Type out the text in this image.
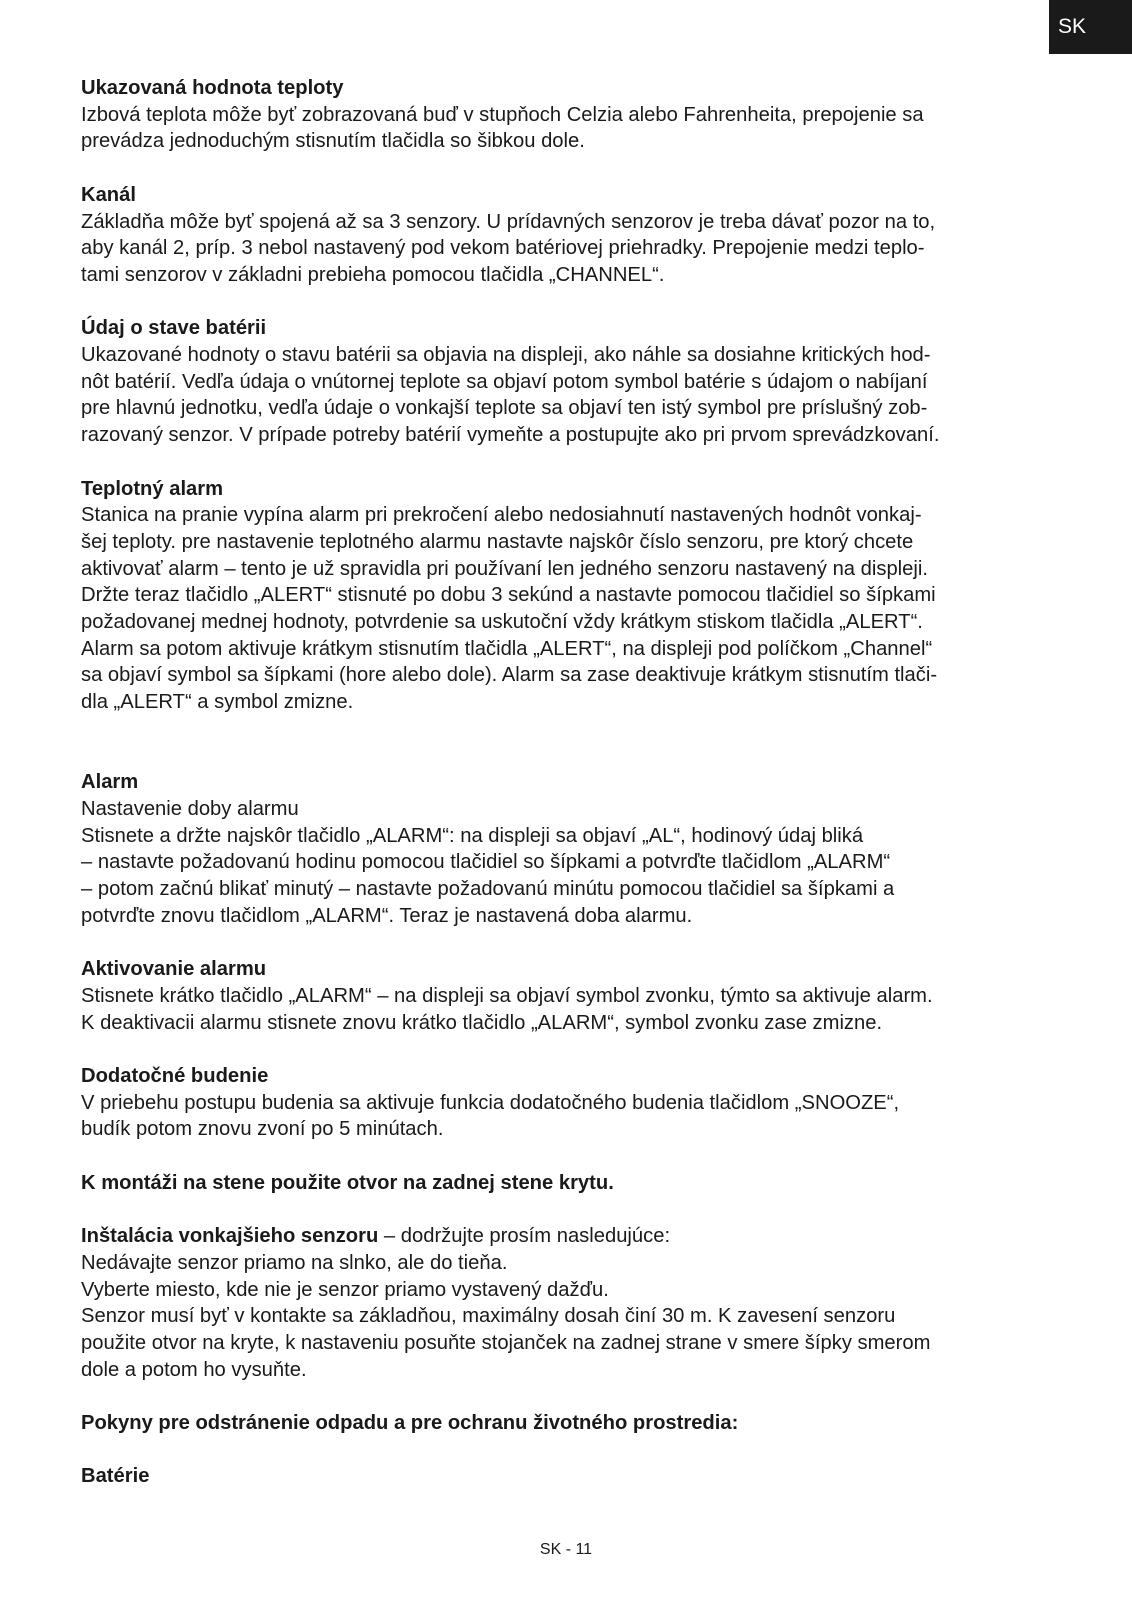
SK
Ukazovaná hodnota teploty
Izbová teplota môže byť zobrazovaná buď v stupňoch Celzia alebo Fahrenheita, prepojenie sa
prevádza jednoduchým stisnutím tlačidla so šibkou dole.
Kanál
Základňa môže byť spojená až sa 3 senzory. U prídavných senzorov je treba dávať pozor na to,
aby kanál 2, príp. 3 nebol nastavený pod vekom batériovej priehradky. Prepojenie medzi teplo-
tami senzorov v základni prebieha pomocou tlačidla „CHANNEL“.
Údaj o stave batérii
Ukazované hodnoty o stavu batérii sa objavia na displeji, ako náhle sa dosiahne kritických hod-
nôt batérií. Vedľa údaja o vnútornej teplote sa objaví potom symbol batérie s údajom o nabíjaní
pre hlavnú jednotku, vedľa údaje o vonkajší teplote sa objaví ten istý symbol pre príslušný zob-
razovaný senzor. V prípade potreby batérií vymeňte a postupujte ako pri prvom sprevádzkovaní.
Teplotný alarm
Stanica na pranie vypína alarm pri prekročení alebo nedosiahnutí nastavených hodnôt vonkaj-
šej teploty. pre nastavenie teplotného alarmu nastavte najskôr číslo senzoru, pre ktorý chcete
aktivovať alarm – tento je už spravidla pri používaní len jedného senzoru nastavený na displeji.
Držte teraz tlačidlo „ALERT“ stisnuté po dobu 3 sekúnd a nastavte pomocou tlačidiel so šípkami
požadovanej mednej hodnoty, potvrdenie sa uskutoční vždy krátkym stiskom tlačidla „ALERT“.
Alarm sa potom aktivuje krátkym stisnutím tlačidla „ALERT“, na displeji pod políčkom „Channel“
sa objaví symbol sa šípkami (hore alebo dole). Alarm sa zase deaktivuje krátkym stisnutím tlači-
dla „ALERT“ a symbol zmizne.
Alarm
Nastavenie doby alarmu
Stisnete a držte najskôr tlačidlo „ALARM“: na displeji sa objaví „AL“, hodinový údaj bliká
– nastavte požadovanú hodinu pomocou tlačidiel so šípkami a potvrďte tlačidlom „ALARM“
– potom začnú blikať minutý – nastavte požadovanú minútu pomocou tlačidiel sa šípkami a
potvrďte znovu tlačidlom „ALARM“. Teraz je nastavená doba alarmu.
Aktivovanie alarmu
Stisnete krátko tlačidlo „ALARM“ – na displeji sa objaví symbol zvonku, týmto sa aktivuje alarm.
K deaktivacii alarmu stisnete znovu krátko tlačidlo „ALARM“, symbol zvonku zase zmizne.
Dodatočné budenie
V priebehu postupu budenia sa aktivuje funkcia dodatočného budenia tlačidlom „SNOOZE“,
budík potom znovu zvoní po 5 minútach.
K montáži na stene použite otvor na zadnej stene krytu.
Inštalácia vonkajšieho senzoru – dodržujte prosím nasledujúce:
Nedávajte senzor priamo na slnko, ale do tieňa.
Vyberte miesto, kde nie je senzor priamo vystavený dažďu.
Senzor musí byť v kontakte sa základňou, maximálny dosah činí 30 m. K zavesení senzoru
použite otvor na kryte, k nastaveniu posuňte stojanček na zadnej strane v smere šípky smerom
dole a potom ho vysuňte.
Pokyny pre odstránenie odpadu a pre ochranu životného prostredia:
Batérie
SK - 11
